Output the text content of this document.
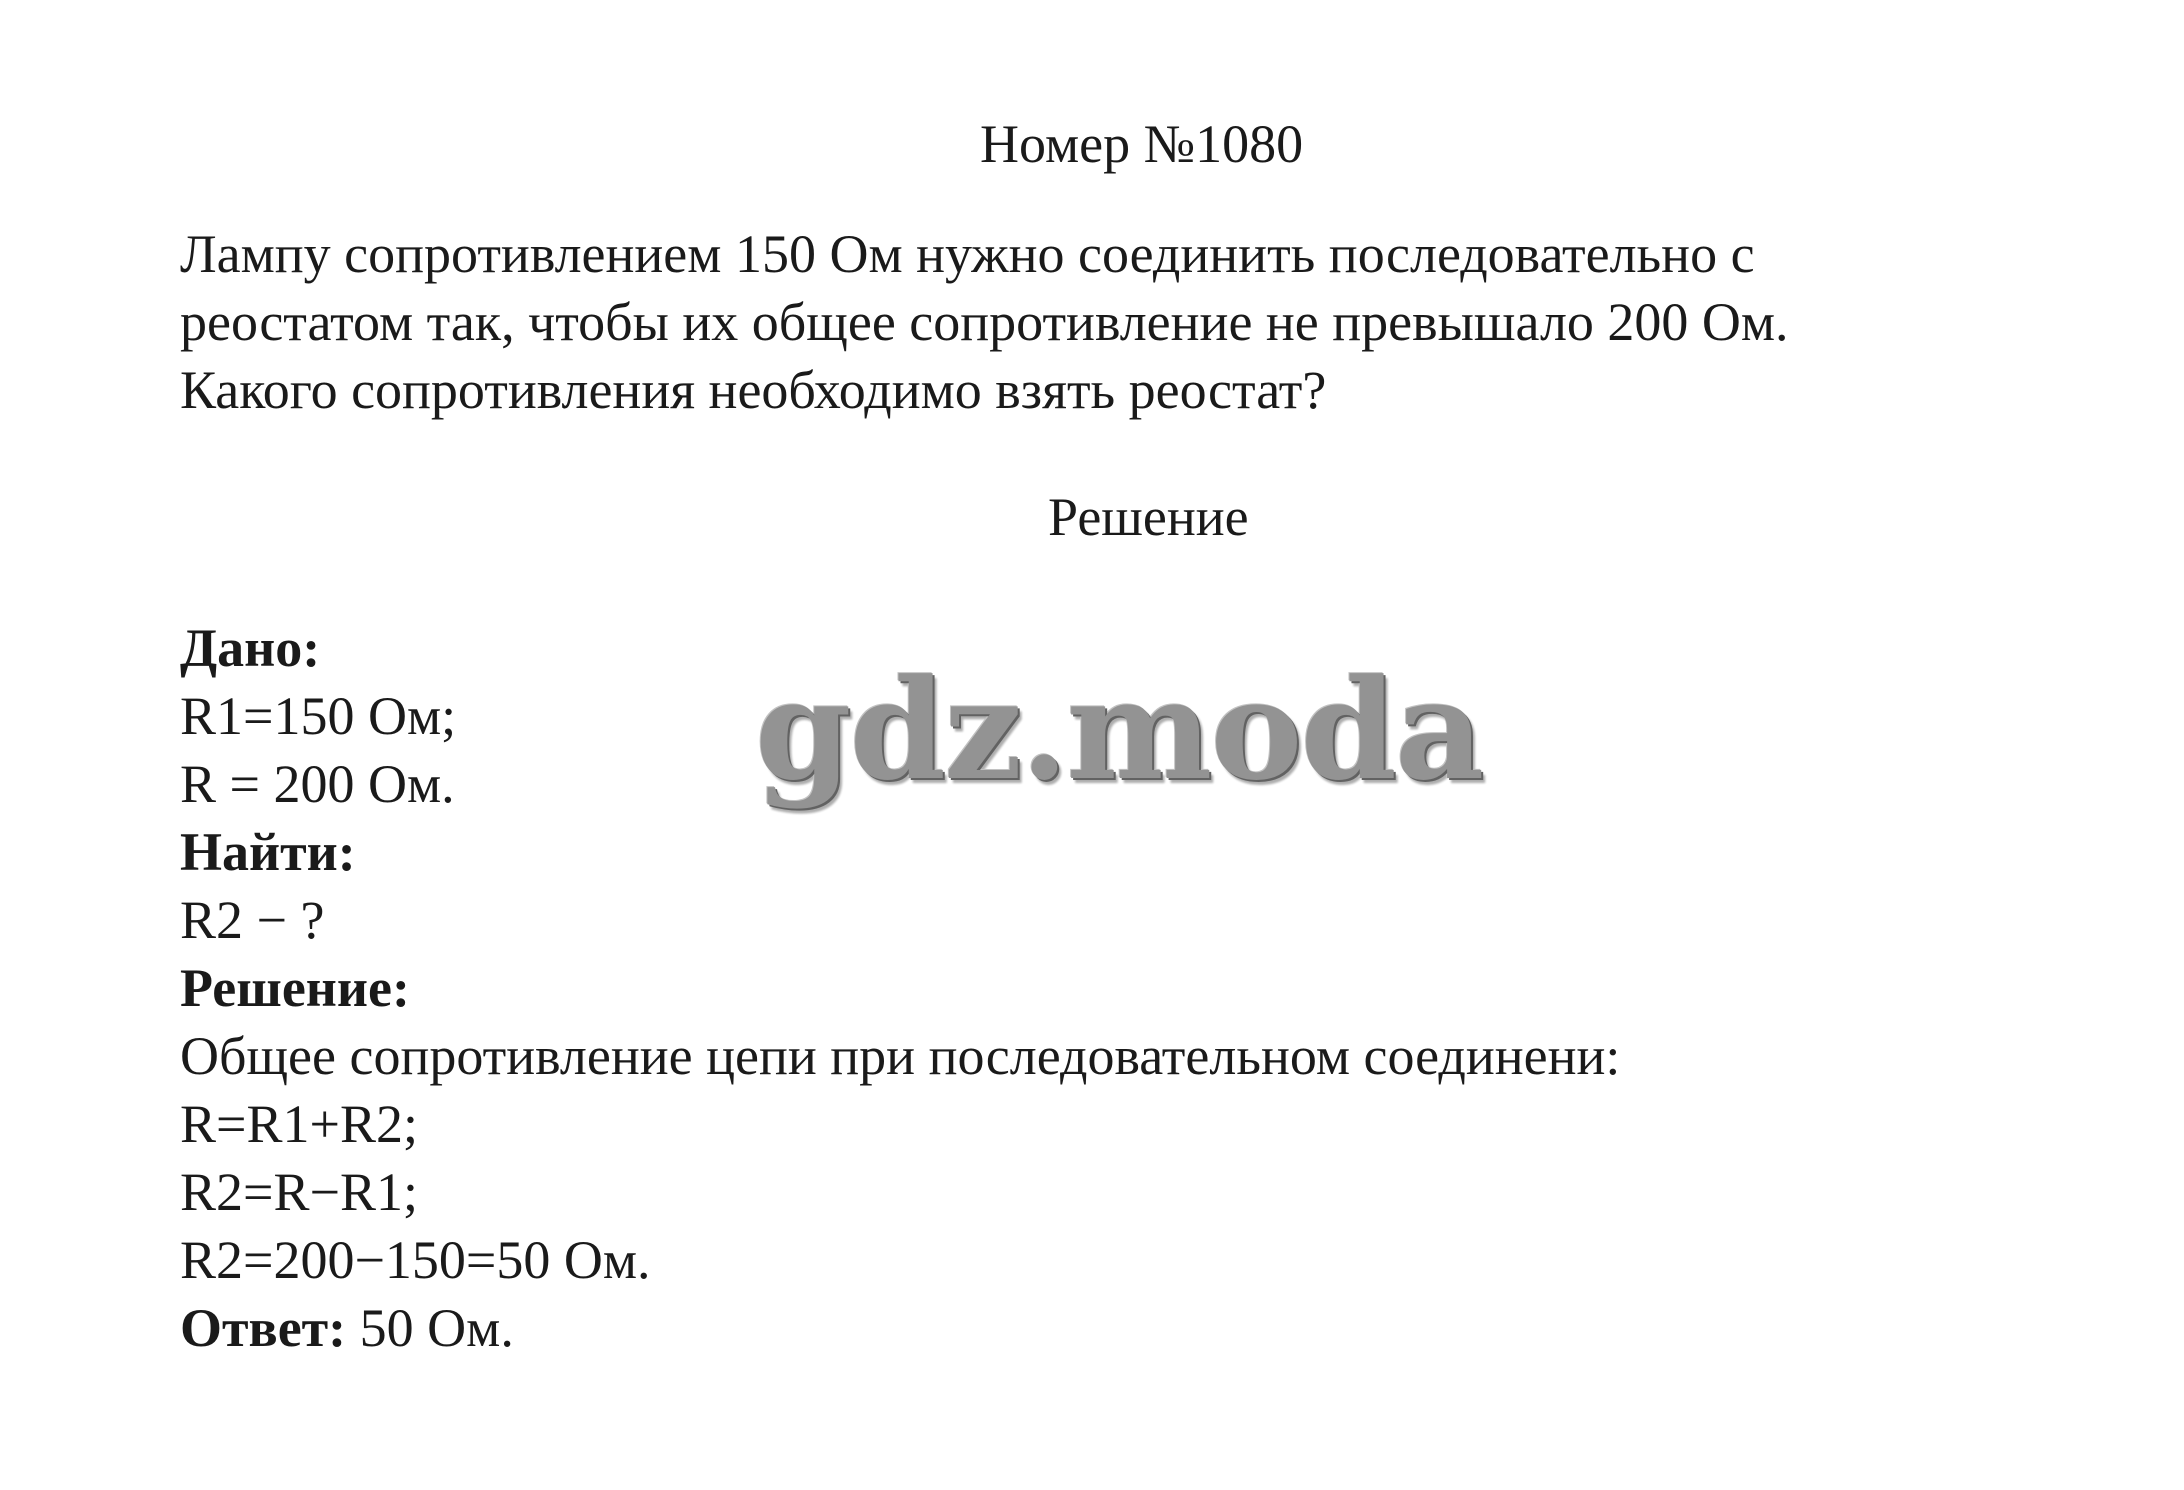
Номер №1080
Лампу сопротивлением 150 Ом нужно соединить последовательно с
реостатом так, чтобы их общее сопротивление не превышало 200 Ом.
Какого сопротивления необходимо взять реостат?
Решение
Дано:
R1=150 Ом;
R = 200 Ом.
Найти:
R2 − ?
Решение:
Общее сопротивление цепи при последовательном соединени:
R=R1+R2;
R2=R−R1;
R2=200−150=50 Ом.
Ответ: 50 Ом.
gdz.moda
